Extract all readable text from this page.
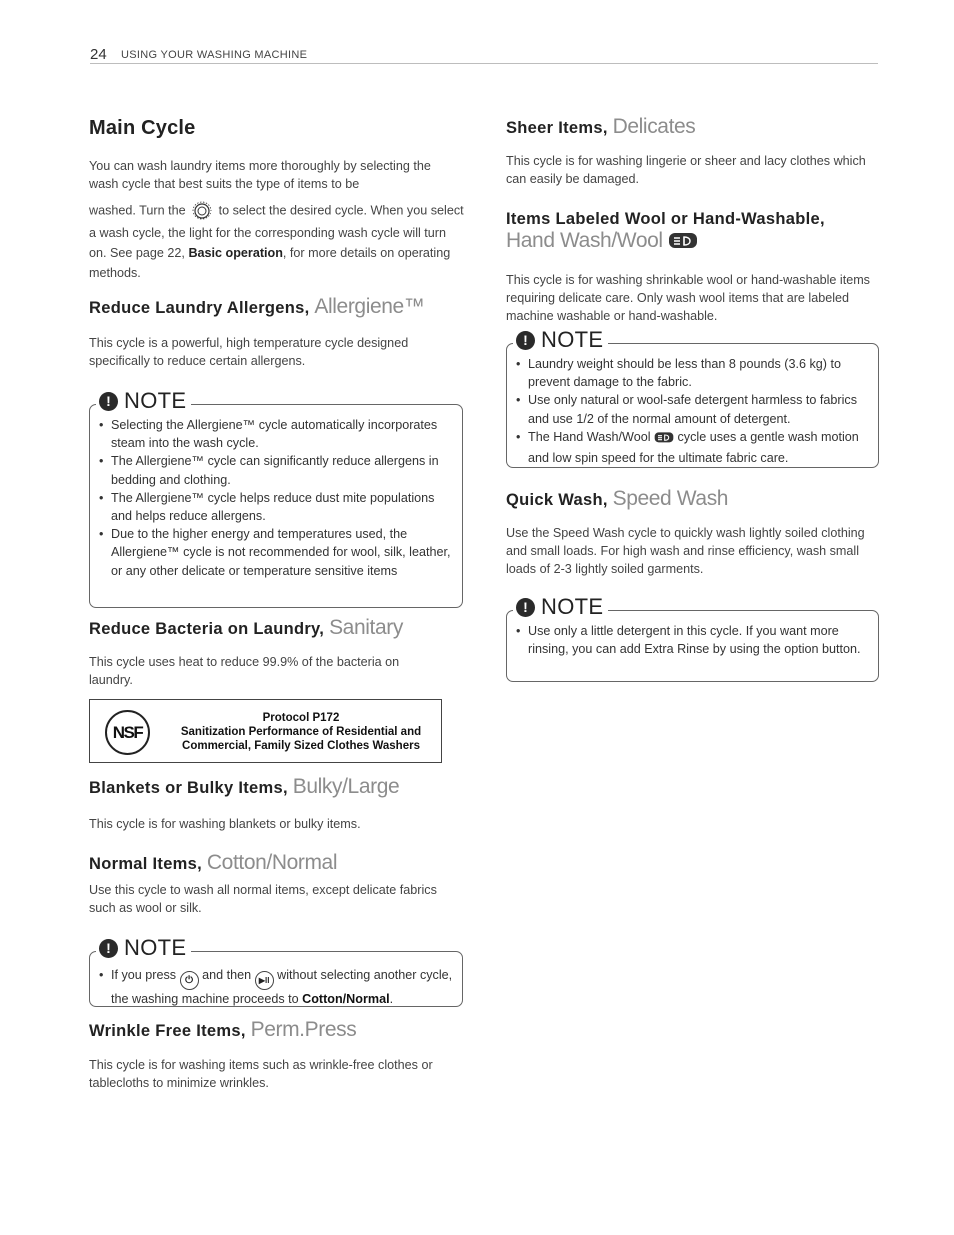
24 USING YOUR WASHING MACHINE
Main Cycle
You can wash laundry items more thoroughly by selecting the wash cycle that best suits the type of items to be
washed. Turn the	to select the desired cycle. When you select a wash cycle, the light for the corresponding wash cycle will turn on. See page 22, Basic operation, for more details on operating methods.
Reduce Laundry Allergens, Allergiene™
This cycle is a powerful, high temperature cycle designed specifically to reduce certain allergens.
! NOTE
• Selecting the Allergiene™ cycle automatically incorporates steam into the wash cycle.
• The Allergiene™ cycle can significantly reduce allergens in bedding and clothing.
• The Allergiene™ cycle helps reduce dust mite populations and helps reduce allergens.
• Due to the higher energy and temperatures used, the Allergiene™ cycle is not recommended for wool, silk, leather, or any other delicate or temperature sensitive items
Reduce Bacteria on Laundry, Sanitary
This cycle uses heat to reduce 99.9% of the bacteria on laundry.
NSF
Protocol P172
Sanitization Performance of Residential and Commercial, Family Sized Clothes Washers
Blankets or Bulky Items, Bulky/Large
This cycle is for washing blankets or bulky items.
Normal Items, Cotton/Normal
Use this cycle to wash all normal items, except delicate fabrics such as wool or silk.
! NOTE
• If you press ⏻ and then ▶ll without selecting another cycle, the washing machine proceeds to Cotton/Normal.
Wrinkle Free Items, Perm.Press
This cycle is for washing items such as wrinkle-free clothes or tablecloths to minimize wrinkles.
Sheer Items, Delicates
This cycle is for washing lingerie or sheer and lacy clothes which can easily be damaged.
Items Labeled Wool or Hand-Washable,
Hand Wash/Wool
This cycle is for washing shrinkable wool or hand-washable items requiring delicate care. Only wash wool items that are labeled machine washable or hand-washable.
! NOTE
• Laundry weight should be less than 8 pounds (3.6 kg) to prevent damage to the fabric.
• Use only natural or wool-safe detergent harmless to fabrics and use 1/2 of the normal amount of detergent.
• The Hand Wash/Wool cycle uses a gentle wash motion and low spin speed for the ultimate fabric care.
Quick Wash, Speed Wash
Use the Speed Wash cycle to quickly wash lightly soiled clothing and small loads. For high wash and rinse efficiency, wash small loads of 2-3 lightly soiled garments.
! NOTE
• Use only a little detergent in this cycle. If you want more rinsing, you can add Extra Rinse by using the option button.
